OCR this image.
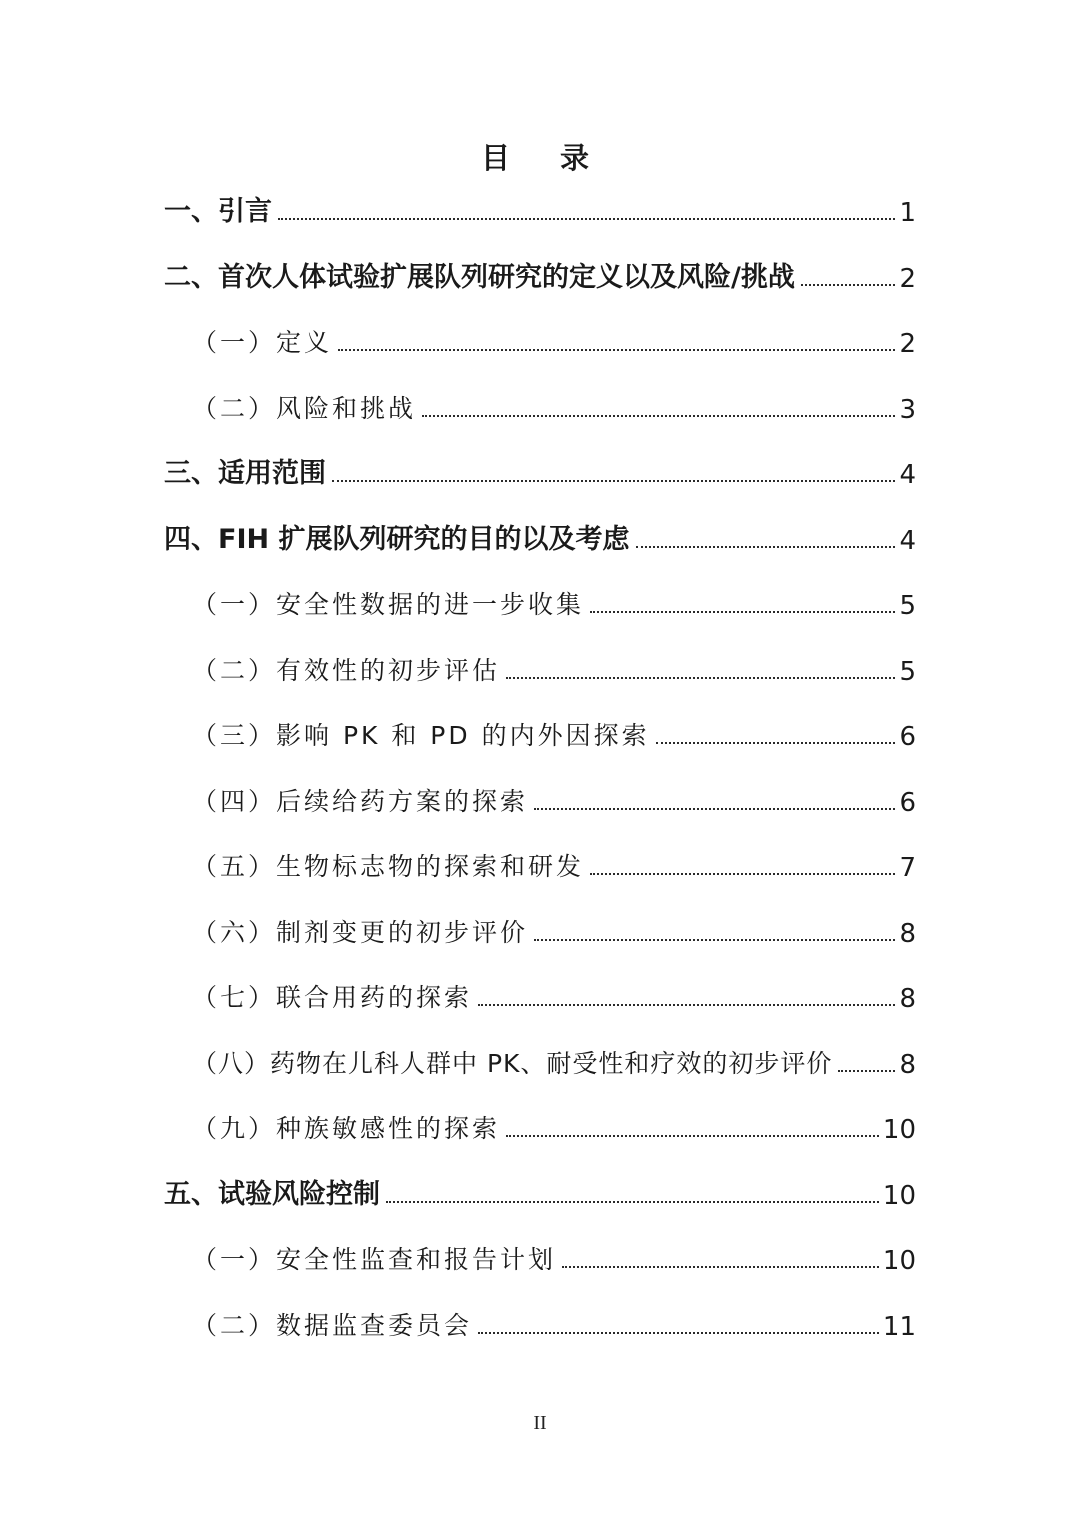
目 录
一、引言	1
二、首次人体试验扩展队列研究的定义以及风险/挑战	2
（一）定义	2
（二）风险和挑战	3
三、适用范围	4
四、FIH 扩展队列研究的目的以及考虑	4
（一）安全性数据的进一步收集	5
（二）有效性的初步评估	5
（三）影响 PK 和 PD 的内外因探索	6
（四）后续给药方案的探索	6
（五）生物标志物的探索和研发	7
（六）制剂变更的初步评价	8
（七）联合用药的探索	8
（八）药物在儿科人群中 PK、耐受性和疗效的初步评价	8
（九）种族敏感性的探索	10
五、试验风险控制	10
（一）安全性监查和报告计划	10
（二）数据监查委员会	11
II
